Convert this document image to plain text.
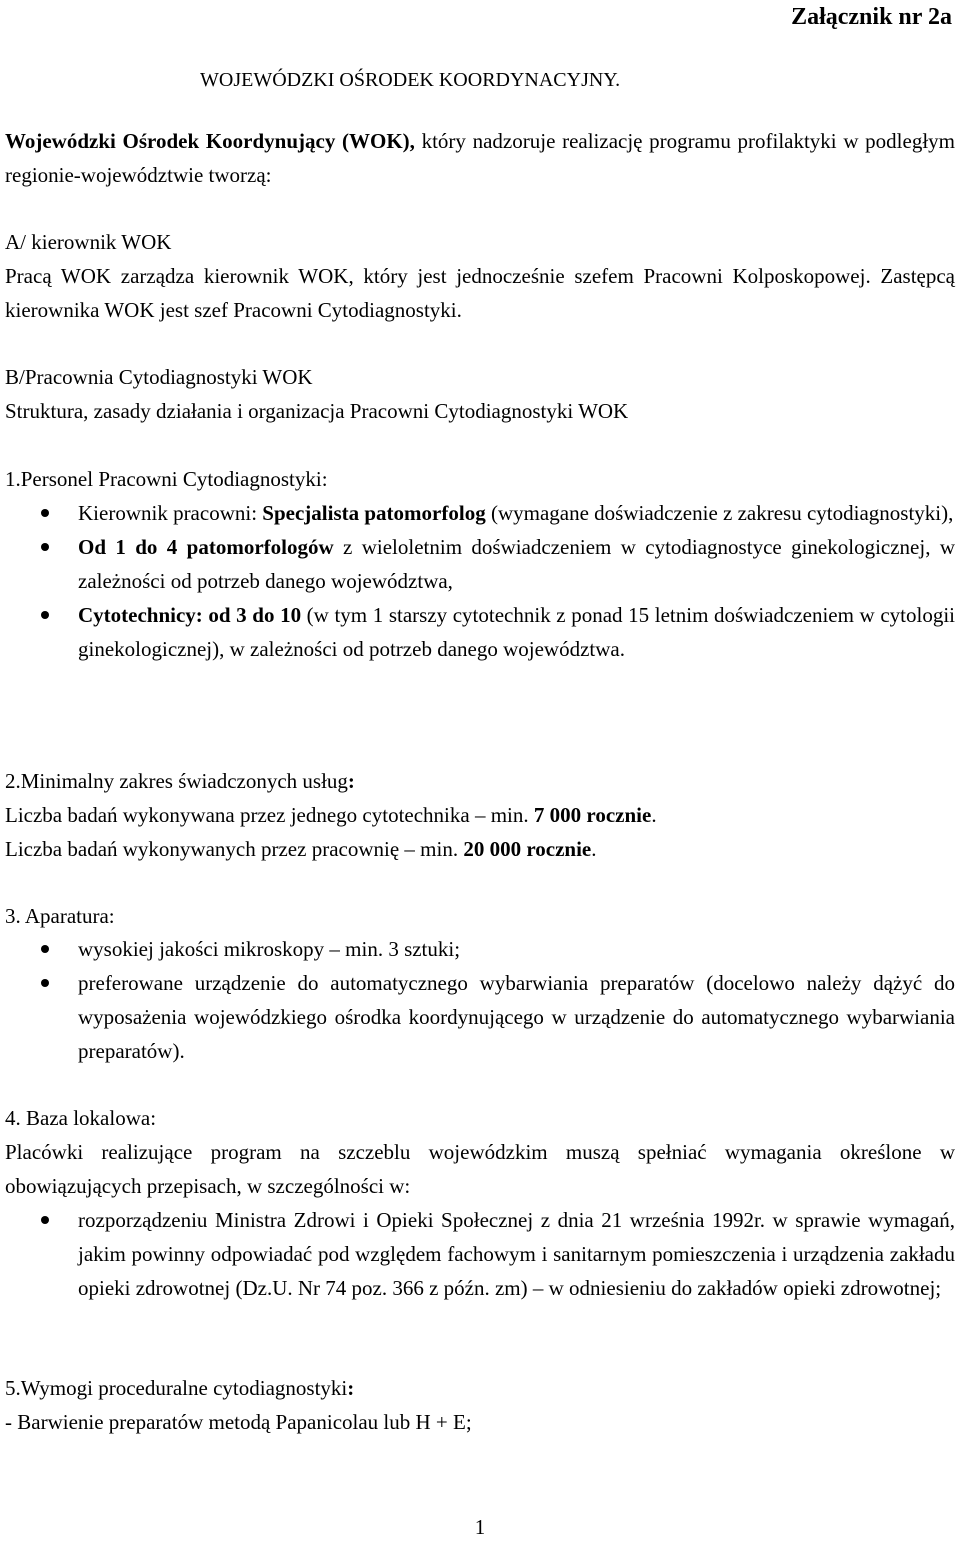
Załącznik nr 2a
WOJEWÓDZKI OŚRODEK KOORDYNACYJNY.

Wojewódzki Ośrodek Koordynujący (WOK), który nadzoruje realizację programu profilaktyki w podległym regionie-województwie tworzą:

A/ kierownik WOK

Pracą WOK zarządza kierownik WOK, który jest jednocześnie szefem Pracowni Kolposkopowej. Zastępcą kierownika WOK jest szef Pracowni Cytodiagnostyki.

B/Pracownia Cytodiagnostyki WOK
Struktura, zasady działania i organizacja Pracowni Cytodiagnostyki WOK
1.Personel Pracowni Cytodiagnostyki:
Kierownik pracowni: Specjalista patomorfolog (wymagane doświadczenie z zakresu cytodiagnostyki),
Od 1 do 4 patomorfologów z wieloletnim doświadczeniem w cytodiagnostyce ginekologicznej, w zależności od potrzeb danego województwa,
Cytotechnicy: od 3 do 10 (w tym 1 starszy cytotechnik z ponad 15 letnim doświadczeniem w cytologii ginekologicznej), w zależności od potrzeb danego województwa.
2.Minimalny zakres świadczonych usług:
Liczba badań wykonywana przez jednego cytotechnika – min. 7 000 rocznie.
Liczba badań wykonywanych przez pracownię – min. 20 000 rocznie.
3. Aparatura:
wysokiej jakości mikroskopy – min. 3 sztuki;
preferowane urządzenie do automatycznego wybarwiania preparatów (docelowo należy dążyć do wyposażenia wojewódzkiego ośrodka koordynującego w urządzenie do automatycznego wybarwiania preparatów).
4. Baza lokalowa:

Placówki realizujące program na szczeblu wojewódzkim muszą spełniać wymagania określone w obowiązujących przepisach, w szczególności w:

rozporządzeniu Ministra Zdrowi i Opieki Społecznej z dnia 21 września 1992r. w sprawie wymagań, jakim powinny odpowiadać pod względem fachowym i sanitarnym pomieszczenia i urządzenia zakładu opieki zdrowotnej (Dz.U. Nr 74 poz. 366 z późn. zm) – w odniesieniu do zakładów opieki zdrowotnej;
5.Wymogi proceduralne cytodiagnostyki:
- Barwienie preparatów metodą Papanicolau lub H + E;
1
